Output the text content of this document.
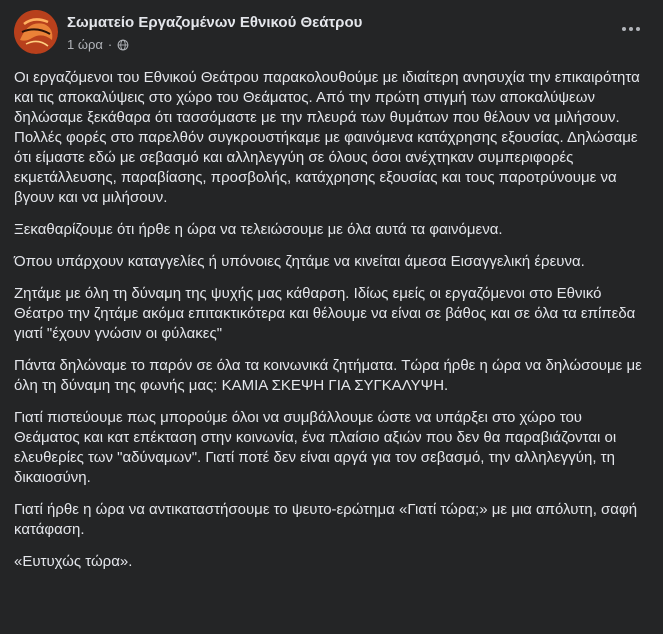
Σωματείο Εργαζομένων Εθνικού Θεάτρου
1 ώρα ·

Οι εργαζόμενοι του Εθνικού Θεάτρου παρακολουθούμε με ιδιαίτερη ανησυχία την επικαιρότητα και τις αποκαλύψεις στο χώρο του Θεάματος. Από την πρώτη στιγμή των αποκαλύψεων δηλώσαμε ξεκάθαρα ότι τασσόμαστε με την πλευρά των θυμάτων που θέλουν να μιλήσουν. Πολλές φορές στο παρελθόν συγκρουστήκαμε με φαινόμενα κατάχρησης εξουσίας. Δηλώσαμε ότι είμαστε εδώ με σεβασμό και αλληλεγγύη σε όλους όσοι ανέχτηκαν συμπεριφορές εκμετάλλευσης, παραβίασης, προσβολής, κατάχρησης εξουσίας και τους παροτρύνουμε να βγουν και να μιλήσουν.

Ξεκαθαρίζουμε ότι ήρθε η ώρα να τελειώσουμε με όλα αυτά τα φαινόμενα.

Όπου υπάρχουν καταγγελίες ή υπόνοιες ζητάμε να κινείται άμεσα Εισαγγελική έρευνα.

Ζητάμε με όλη τη δύναμη της ψυχής μας κάθαρση. Ιδίως εμείς οι εργαζόμενοι στο Εθνικό Θέατρο την ζητάμε ακόμα επιτακτικότερα και θέλουμε να είναι σε βάθος και σε όλα τα επίπεδα γιατί "έχουν γνώσιν οι φύλακες"

Πάντα δηλώναμε το παρόν σε όλα τα κοινωνικά ζητήματα. Τώρα ήρθε η ώρα να δηλώσουμε με όλη τη δύναμη της φωνής μας: ΚΑΜΙΑ ΣΚΕΨΗ ΓΙΑ ΣΥΓΚΑΛΥΨΗ.

Γιατί πιστεύουμε πως μπορούμε όλοι να συμβάλλουμε ώστε να υπάρξει στο χώρο του Θεάματος και κατ επέκταση στην κοινωνία, ένα πλαίσιο αξιών που δεν θα παραβιάζονται οι ελευθερίες των "αδύναμων". Γιατί ποτέ δεν είναι αργά για τον σεβασμό, την αλληλεγγύη, τη δικαιοσύνη.

Γιατί ήρθε η ώρα να αντικαταστήσουμε το ψευτο-ερώτημα «Γιατί τώρα;» με μια απόλυτη, σαφή κατάφαση.

«Ευτυχώς τώρα».
